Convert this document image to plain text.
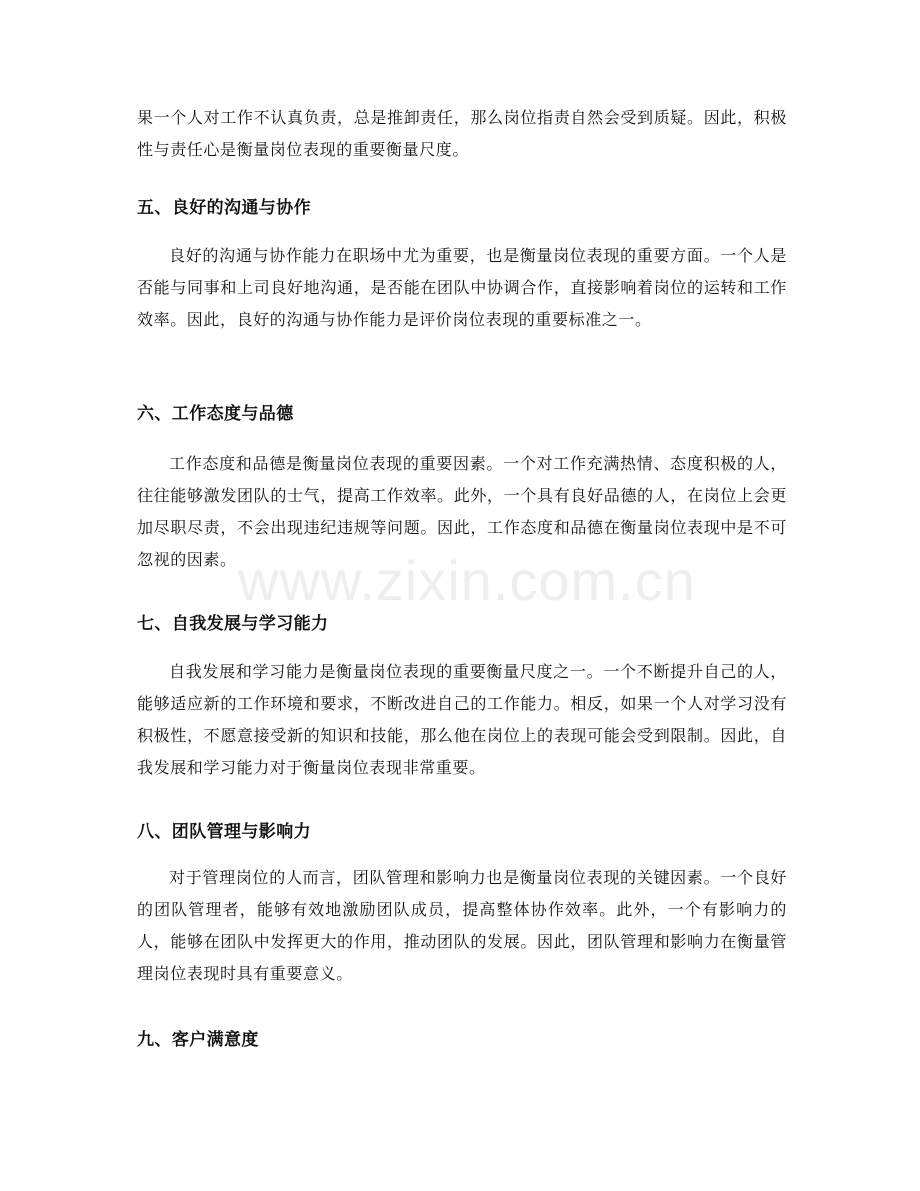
果一个人对工作不认真负责，总是推卸责任，那么岗位指责自然会受到质疑。因此，积极性与责任心是衡量岗位表现的重要衡量尺度。

五、良好的沟通与协作

良好的沟通与协作能力在职场中尤为重要，也是衡量岗位表现的重要方面。一个人是否能与同事和上司良好地沟通，是否能在团队中协调合作，直接影响着岗位的运转和工作效率。因此，良好的沟通与协作能力是评价岗位表现的重要标准之一。

六、工作态度与品德

工作态度和品德是衡量岗位表现的重要因素。一个对工作充满热情、态度积极的人，往往能够激发团队的士气，提高工作效率。此外，一个具有良好品德的人，在岗位上会更加尽职尽责，不会出现违纪违规等问题。因此，工作态度和品德在衡量岗位表现中是不可忽视的因素。

七、自我发展与学习能力

自我发展和学习能力是衡量岗位表现的重要衡量尺度之一。一个不断提升自己的人，能够适应新的工作环境和要求，不断改进自己的工作能力。相反，如果一个人对学习没有积极性，不愿意接受新的知识和技能，那么他在岗位上的表现可能会受到限制。因此，自我发展和学习能力对于衡量岗位表现非常重要。

八、团队管理与影响力

对于管理岗位的人而言，团队管理和影响力也是衡量岗位表现的关键因素。一个良好的团队管理者，能够有效地激励团队成员，提高整体协作效率。此外，一个有影响力的人，能够在团队中发挥更大的作用，推动团队的发展。因此，团队管理和影响力在衡量管理岗位表现时具有重要意义。

九、客户满意度
www.zixin.com.cn
